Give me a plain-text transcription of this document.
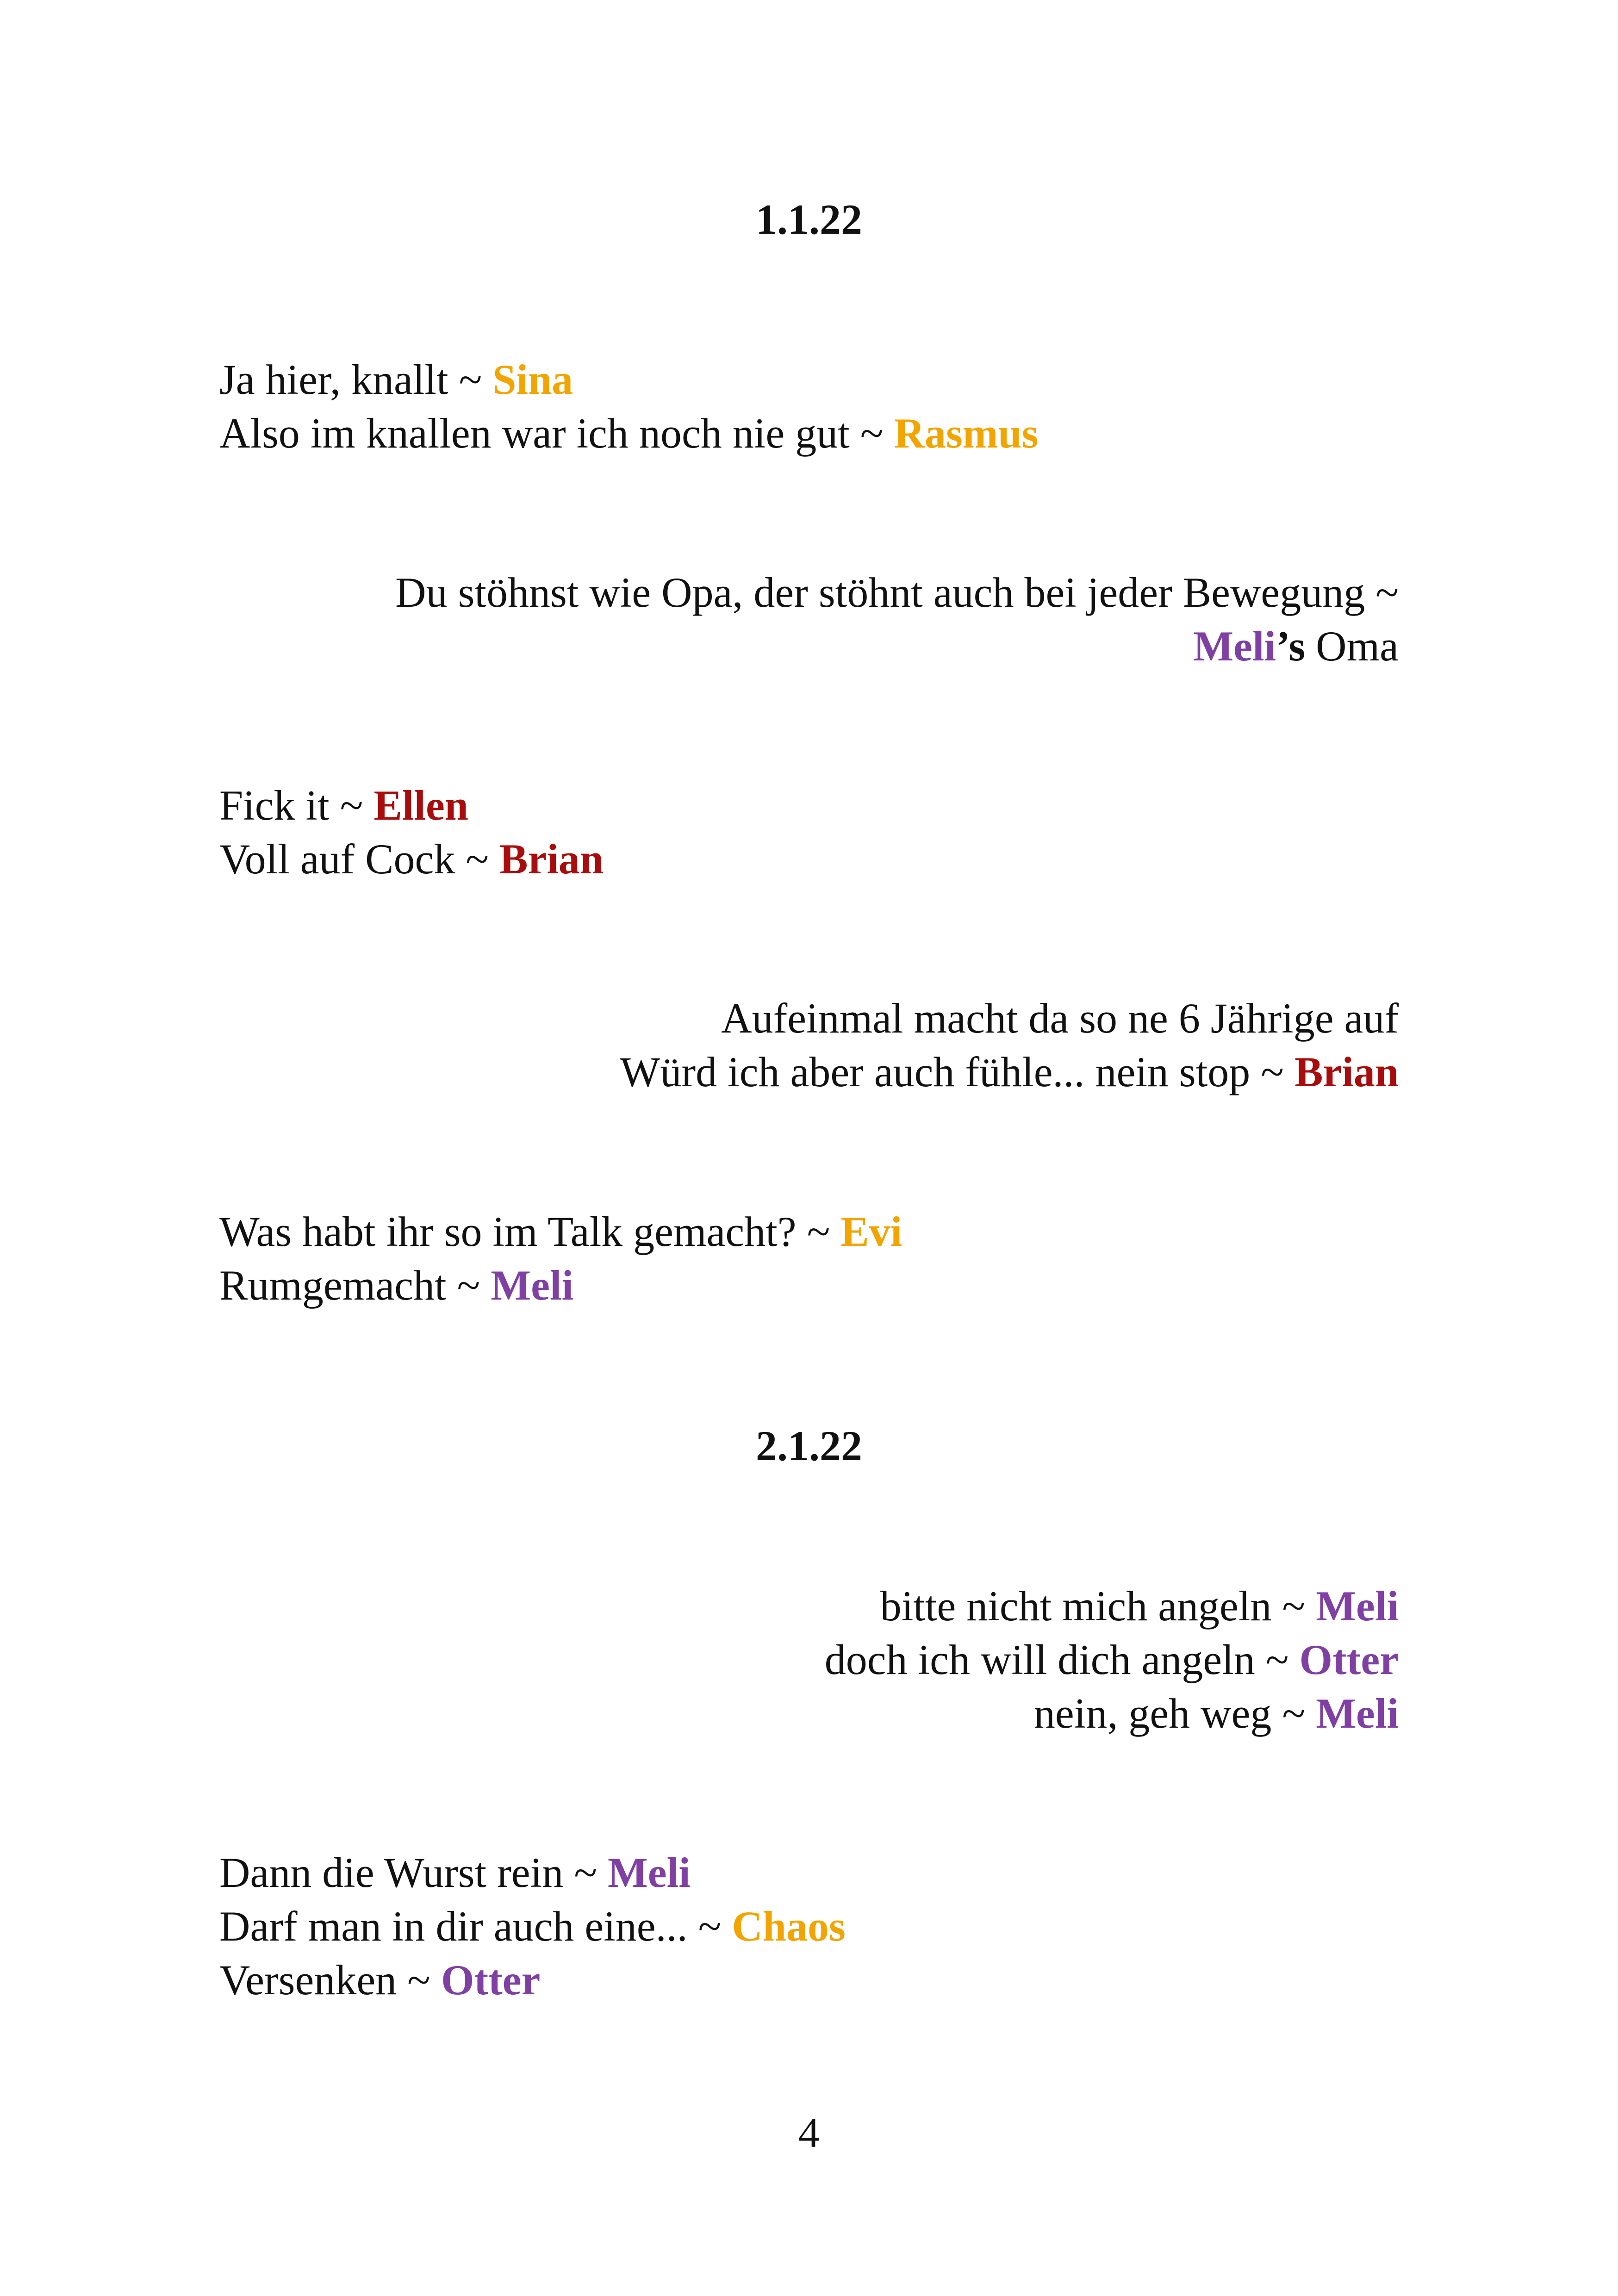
1.1.22
Ja hier, knallt ~ Sina
Also im knallen war ich noch nie gut ~ Rasmus
Du stöhnst wie Opa, der stöhnt auch bei jeder Bewegung ~
Meli’s Oma
Fick it ~ Ellen
Voll auf Cock ~ Brian
Aufeinmal macht da so ne 6 Jährige auf
Würd ich aber auch fühle... nein stop ~ Brian
Was habt ihr so im Talk gemacht? ~ Evi
Rumgemacht ~ Meli
2.1.22
bitte nicht mich angeln ~ Meli
doch ich will dich angeln ~ Otter
nein, geh weg ~ Meli
Dann die Wurst rein ~ Meli
Darf man in dir auch eine... ~ Chaos
Versenken ~ Otter
4
